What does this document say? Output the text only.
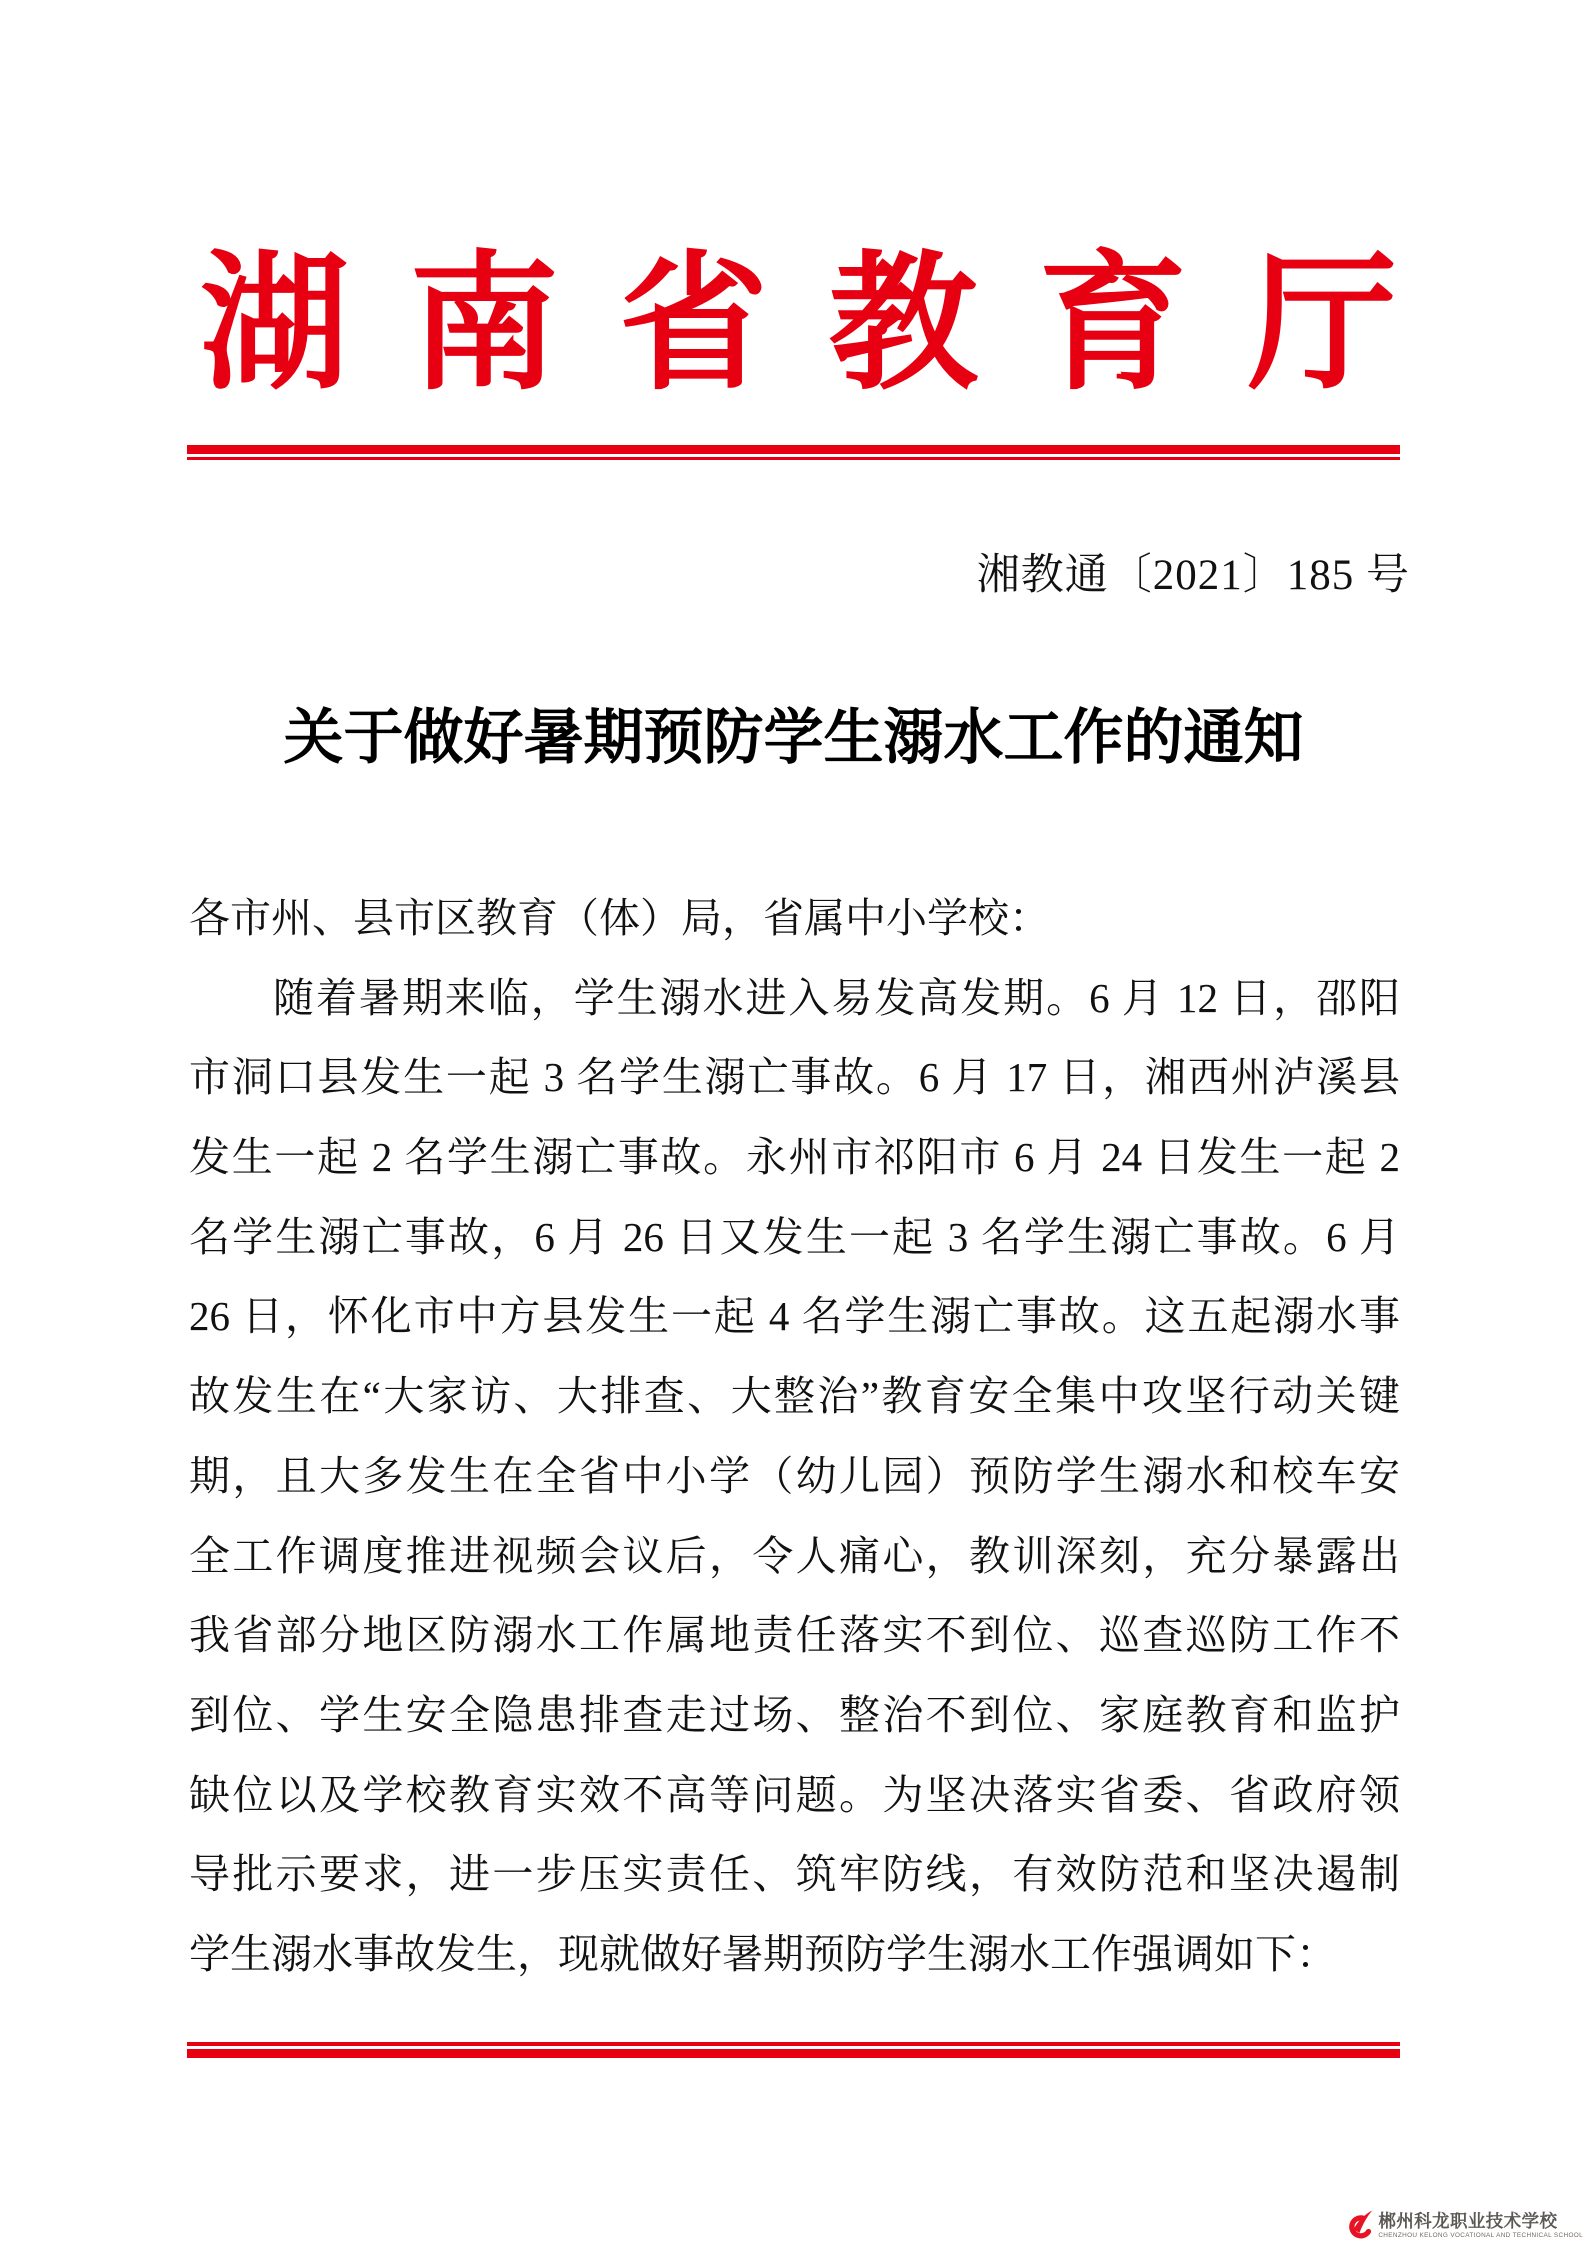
湖南省教育厅
湘教通〔2021〕185 号
关于做好暑期预防学生溺水工作的通知
各市州、县市区教育（体）局，省属中小学校：
随着暑期来临，学生溺水进入易发高发期。6 月 12 日，邵阳
市洞口县发生一起 3 名学生溺亡事故。6 月 17 日，湘西州泸溪县
发生一起 2 名学生溺亡事故。永州市祁阳市 6 月 24 日发生一起 2
名学生溺亡事故，6 月 26 日又发生一起 3 名学生溺亡事故。6 月
26 日，怀化市中方县发生一起 4 名学生溺亡事故。这五起溺水事
故发生在“大家访、大排查、大整治”教育安全集中攻坚行动关键
期，且大多发生在全省中小学（幼儿园）预防学生溺水和校车安
全工作调度推进视频会议后，令人痛心，教训深刻，充分暴露出
我省部分地区防溺水工作属地责任落实不到位、巡查巡防工作不
到位、学生安全隐患排查走过场、整治不到位、家庭教育和监护
缺位以及学校教育实效不高等问题。为坚决落实省委、省政府领
导批示要求，进一步压实责任、筑牢防线，有效防范和坚决遏制
学生溺水事故发生，现就做好暑期预防学生溺水工作强调如下：
郴州科龙职业技术学校
CHENZHOU KELONG VOCATIONAL AND TECHNICAL SCHOOL
